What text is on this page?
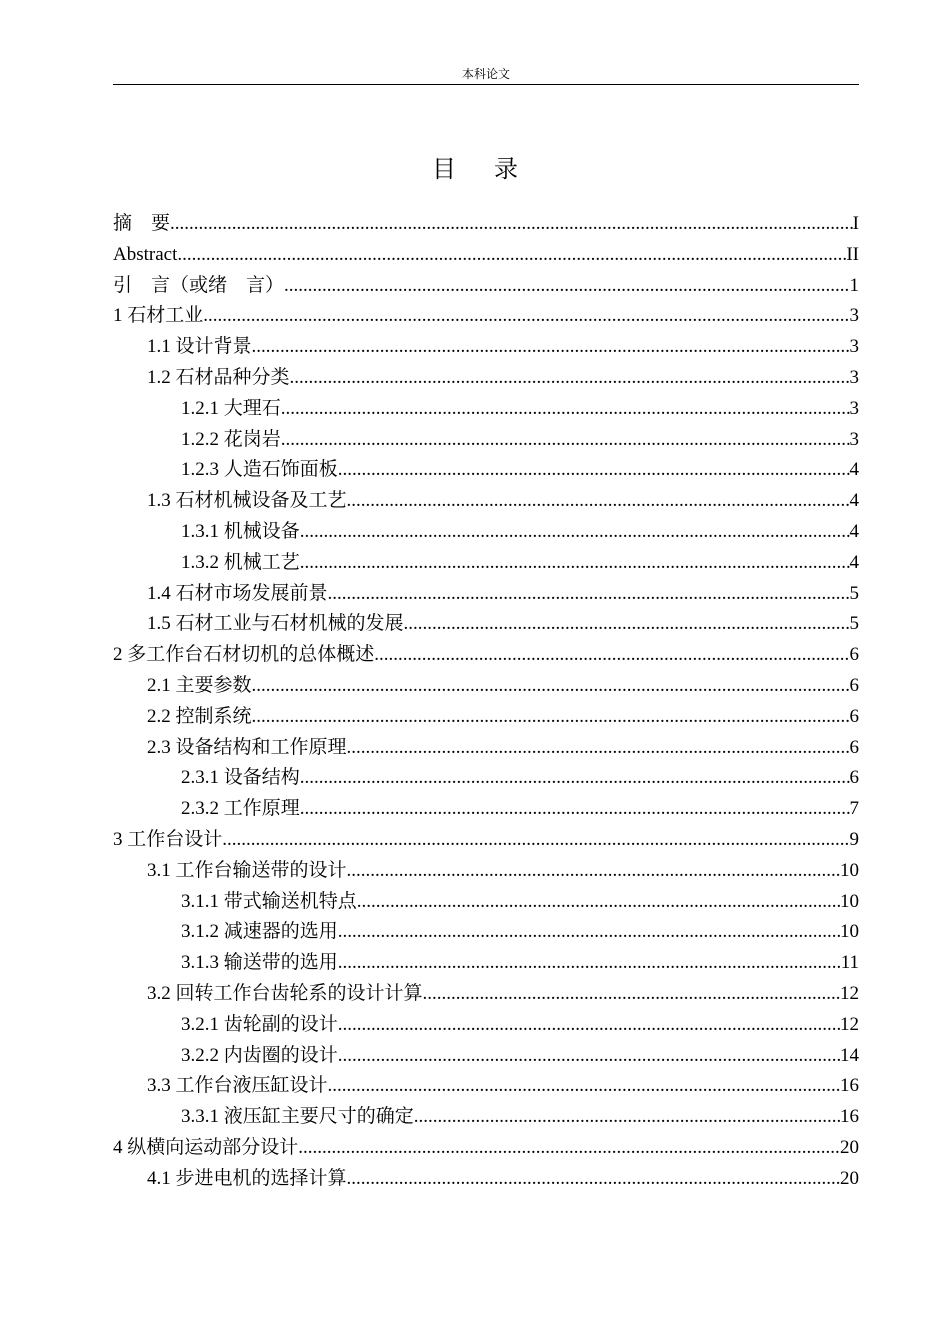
本科论文
目录
摘　要 .....	I
Abstract .....	II
引　言（或绪　言） .....	1
1 石材工业 .....	3
1.1 设计背景 .....	3
1.2 石材品种分类 .....	3
1.2.1 大理石 .....	3
1.2.2 花岗岩 .....	3
1.2.3 人造石饰面板 .....	4
1.3 石材机械设备及工艺 .....	4
1.3.1 机械设备 .....	4
1.3.2 机械工艺 .....	4
1.4 石材市场发展前景 .....	5
1.5 石材工业与石材机械的发展 .....	5
2 多工作台石材切机的总体概述 .....	6
2.1 主要参数 .....	6
2.2 控制系统 .....	6
2.3 设备结构和工作原理 .....	6
2.3.1 设备结构 .....	6
2.3.2 工作原理 .....	7
3 工作台设计 .....	9
3.1 工作台输送带的设计 .....	10
3.1.1 带式输送机特点 .....	10
3.1.2 减速器的选用 .....	10
3.1.3 输送带的选用 .....	11
3.2 回转工作台齿轮系的设计计算 .....	12
3.2.1 齿轮副的设计 .....	12
3.2.2 内齿圈的设计 .....	14
3.3 工作台液压缸设计 .....	16
3.3.1 液压缸主要尺寸的确定 .....	16
4 纵横向运动部分设计 .....	20
4.1 步进电机的选择计算 .....	20
